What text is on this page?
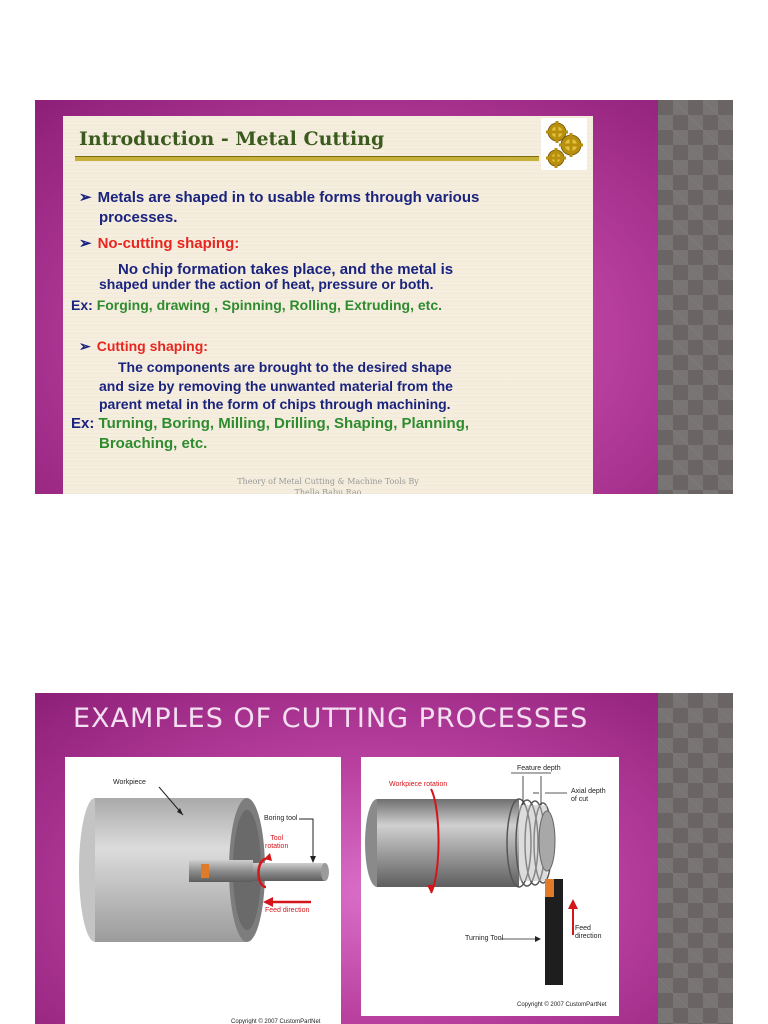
Introduction - Metal Cutting
➢ Metals are shaped in to usable forms through various
processes.
➢ No-cutting shaping:
No chip formation takes place, and the metal is
shaped under the action of heat, pressure or both.
Ex: Forging, drawing , Spinning, Rolling, Extruding, etc.
➢ Cutting shaping:
The components are brought to the desired shape
and size by removing the unwanted material from the
parent metal in the form of chips through machining.
Ex: Turning, Boring, Milling, Drilling, Shaping, Planning,
Broaching, etc.
Theory of Metal Cutting & Machine Tools By
Thella Babu Rao
EXAMPLES OF CUTTING PROCESSES
Workpiece
Boring tool
Tool
rotation
Feed direction
Copyright © 2007 CustomPartNet
Workpiece rotation
Feature depth
Axial depth
of cut
Turning Tool
Feed
direction
Copyright © 2007 CustomPartNet
